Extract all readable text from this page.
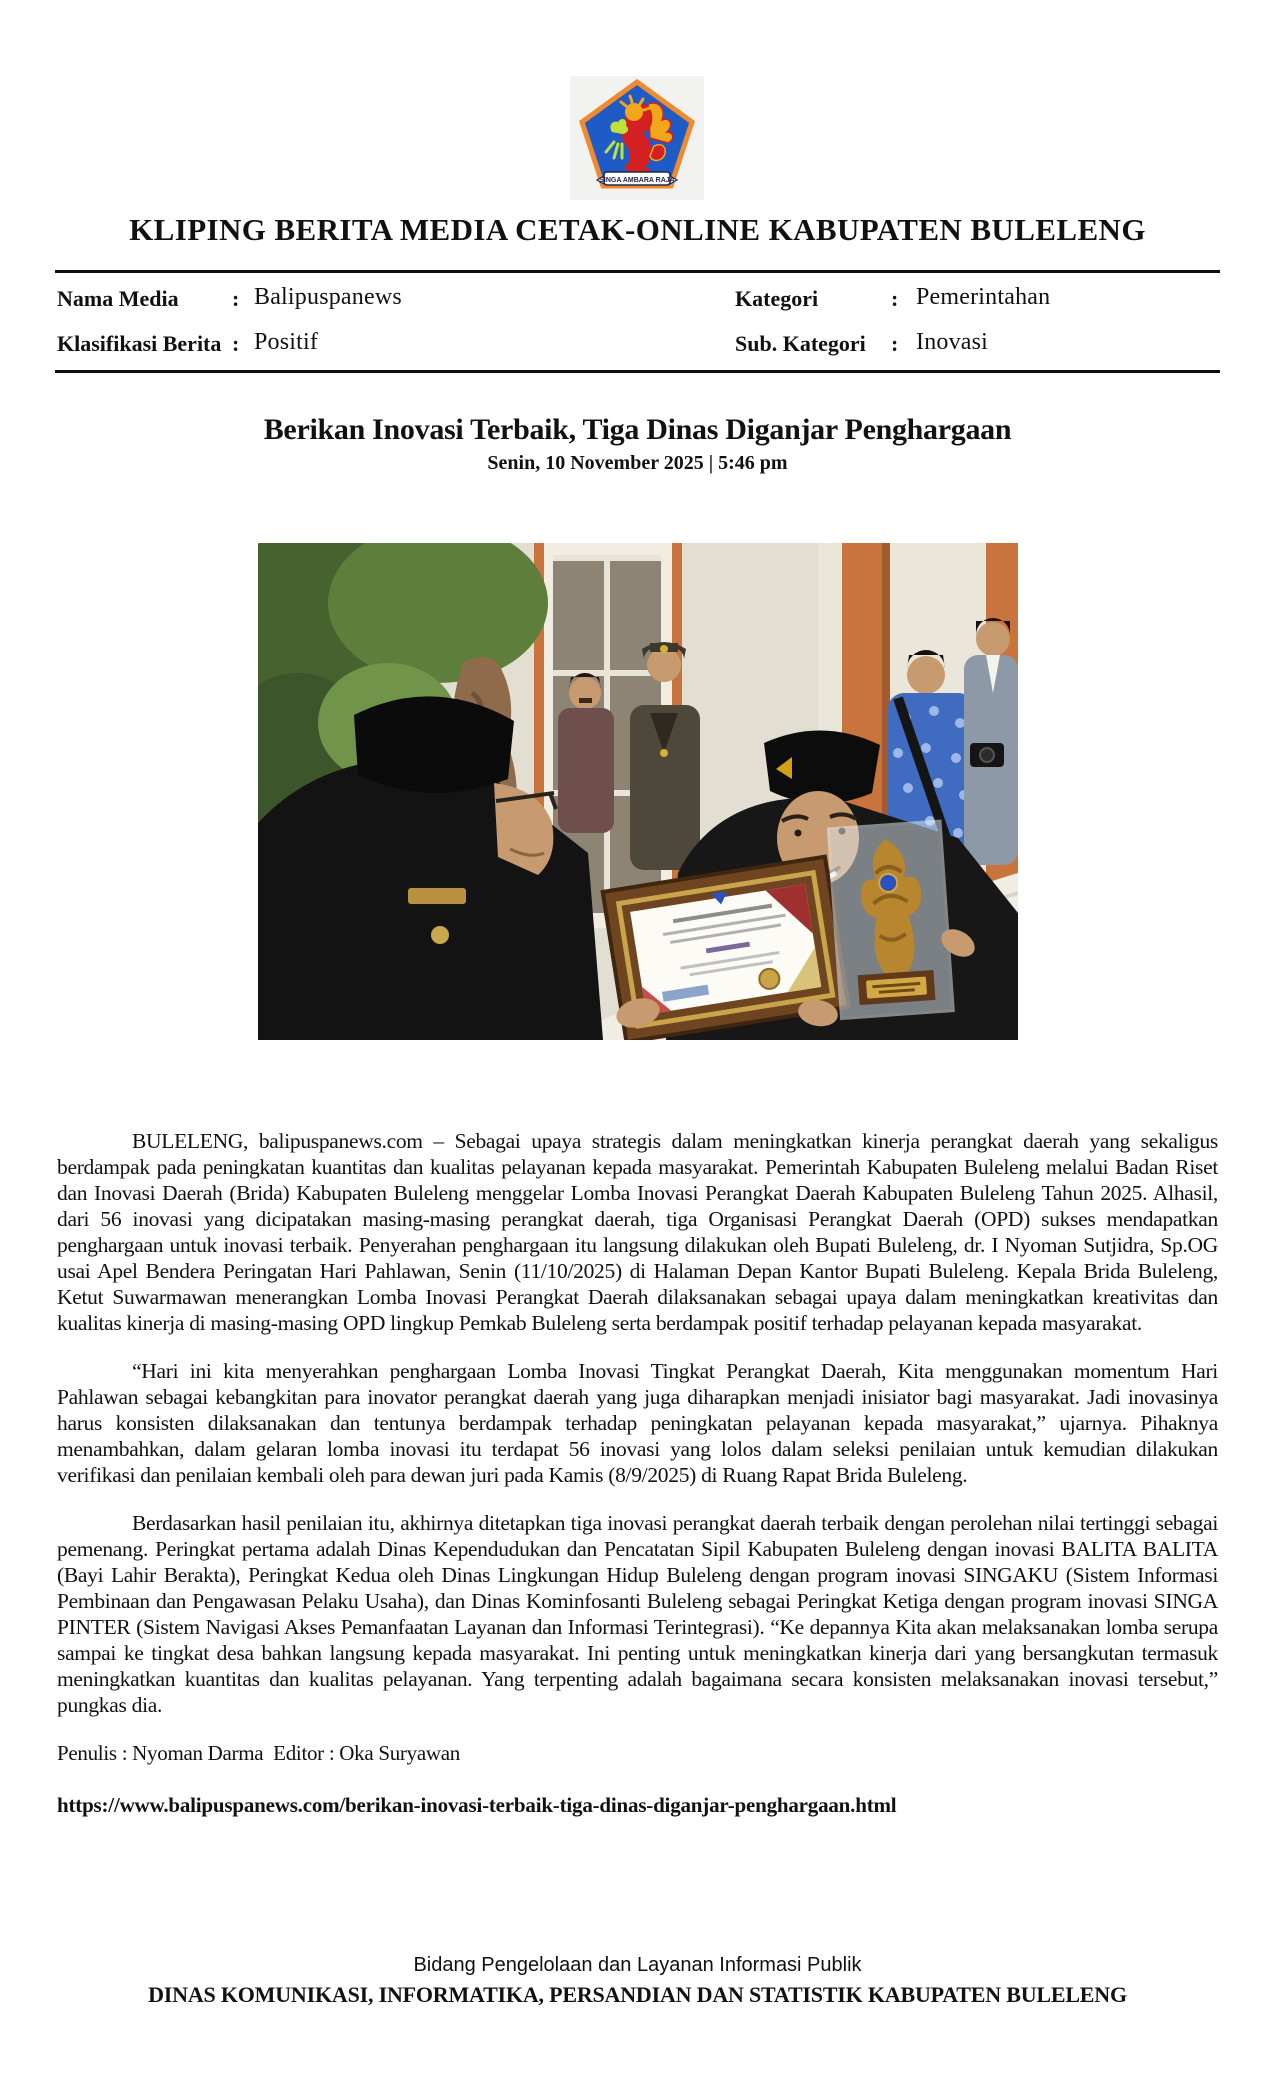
SINGA AMBARA RAJA
KLIPING BERITA MEDIA CETAK-ONLINE KABUPATEN BULELENG
Nama Media : Balipuspanews	Kategori	: Pemerintahan
Klasifikasi Berita : Positif	Sub. Kategori : Inovasi
Berikan Inovasi Terbaik, Tiga Dinas Diganjar Penghargaan
Senin, 10 November 2025 | 5:46 pm

BULELENG, balipuspanews.com – Sebagai upaya strategis dalam meningkatkan kinerja perangkat daerah yang sekaligus berdampak pada peningkatan kuantitas dan kualitas pelayanan kepada masyarakat. Pemerintah Kabupaten Buleleng melalui Badan Riset dan Inovasi Daerah (Brida) Kabupaten Buleleng menggelar Lomba Inovasi Perangkat Daerah Kabupaten Buleleng Tahun 2025. Alhasil, dari 56 inovasi yang dicipatakan masing-masing perangkat daerah, tiga Organisasi Perangkat Daerah (OPD) sukses mendapatkan penghargaan untuk inovasi terbaik. Penyerahan penghargaan itu langsung dilakukan oleh Bupati Buleleng, dr. I Nyoman Sutjidra, Sp.OG usai Apel Bendera Peringatan Hari Pahlawan, Senin (11/10/2025) di Halaman Depan Kantor Bupati Buleleng. Kepala Brida Buleleng, Ketut Suwarmawan menerangkan Lomba Inovasi Perangkat Daerah dilaksanakan sebagai upaya dalam meningkatkan kreativitas dan kualitas kinerja di masing-masing OPD lingkup Pemkab Buleleng serta berdampak positif terhadap pelayanan kepada masyarakat.

“Hari ini kita menyerahkan penghargaan Lomba Inovasi Tingkat Perangkat Daerah, Kita menggunakan momentum Hari Pahlawan sebagai kebangkitan para inovator perangkat daerah yang juga diharapkan menjadi inisiator bagi masyarakat. Jadi inovasinya harus konsisten dilaksanakan dan tentunya berdampak terhadap peningkatan pelayanan kepada masyarakat,” ujarnya. Pihaknya menambahkan, dalam gelaran lomba inovasi itu terdapat 56 inovasi yang lolos dalam seleksi penilaian untuk kemudian dilakukan verifikasi dan penilaian kembali oleh para dewan juri pada Kamis (8/9/2025) di Ruang Rapat Brida Buleleng.

Berdasarkan hasil penilaian itu, akhirnya ditetapkan tiga inovasi perangkat daerah terbaik dengan perolehan nilai tertinggi sebagai pemenang. Peringkat pertama adalah Dinas Kependudukan dan Pencatatan Sipil Kabupaten Buleleng dengan inovasi BALITA BALITA (Bayi Lahir Berakta), Peringkat Kedua oleh Dinas Lingkungan Hidup Buleleng dengan program inovasi SINGAKU (Sistem Informasi Pembinaan dan Pengawasan Pelaku Usaha), dan Dinas Kominfosanti Buleleng sebagai Peringkat Ketiga dengan program inovasi SINGA PINTER (Sistem Navigasi Akses Pemanfaatan Layanan dan Informasi Terintegrasi). “Ke depannya Kita akan melaksanakan lomba serupa sampai ke tingkat desa bahkan langsung kepada masyarakat. Ini penting untuk meningkatkan kinerja dari yang bersangkutan termasuk meningkatkan kuantitas dan kualitas pelayanan. Yang terpenting adalah bagaimana secara konsisten melaksanakan inovasi tersebut,” pungkas dia.

Penulis : Nyoman Darma  Editor : Oka Suryawan
https://www.balipuspanews.com/berikan-inovasi-terbaik-tiga-dinas-diganjar-penghargaan.html
Bidang Pengelolaan dan Layanan Informasi Publik
DINAS KOMUNIKASI, INFORMATIKA, PERSANDIAN DAN STATISTIK KABUPATEN BULELENG
